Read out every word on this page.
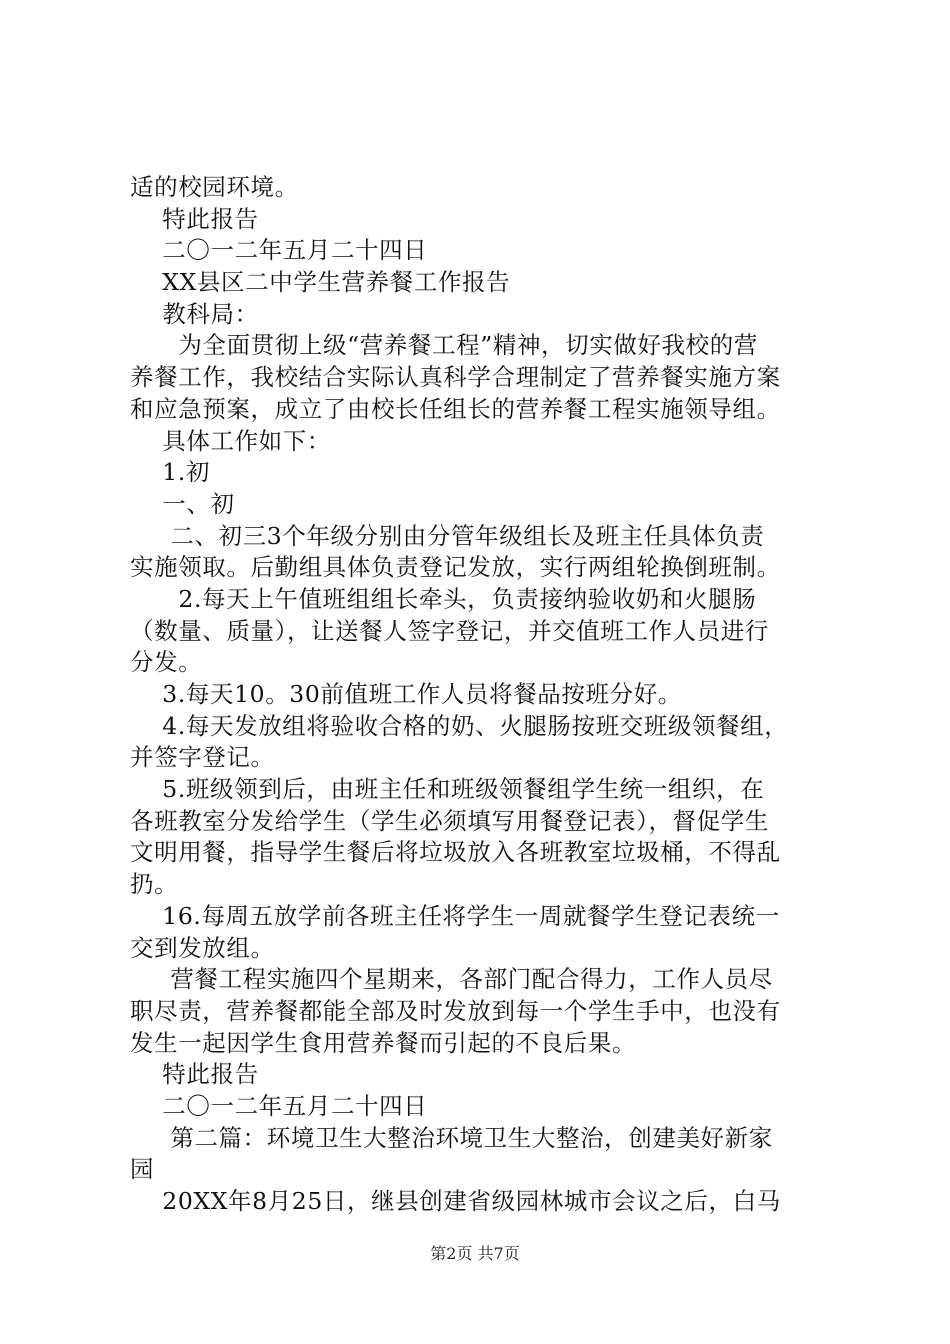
适的校园环境。
特此报告
二〇一二年五月二十四日
XX县区二中学生营养餐工作报告
教科局：
为全面贯彻上级“营养餐工程”精神，切实做好我校的营
养餐工作，我校结合实际认真科学合理制定了营养餐实施方案
和应急预案，成立了由校长任组长的营养餐工程实施领导组。
具体工作如下：
1.初
一、初
二、初三3个年级分别由分管年级组长及班主任具体负责
实施领取。后勤组具体负责登记发放，实行两组轮换倒班制。
2.每天上午值班组组长牵头，负责接纳验收奶和火腿肠
（数量、质量），让送餐人签字登记，并交值班工作人员进行
分发。
3.每天10。30前值班工作人员将餐品按班分好。
4.每天发放组将验收合格的奶、火腿肠按班交班级领餐组，
并签字登记。
5.班级领到后，由班主任和班级领餐组学生统一组织，在
各班教室分发给学生（学生必须填写用餐登记表），督促学生
文明用餐，指导学生餐后将垃圾放入各班教室垃圾桶，不得乱
扔。
16.每周五放学前各班主任将学生一周就餐学生登记表统一
交到发放组。
营餐工程实施四个星期来，各部门配合得力，工作人员尽
职尽责，营养餐都能全部及时发放到每一个学生手中，也没有
发生一起因学生食用营养餐而引起的不良后果。
特此报告
二〇一二年五月二十四日
第二篇：环境卫生大整治环境卫生大整治，创建美好新家
园
20XX年8月25日，继县创建省级园林城市会议之后，白马
第2页 共7页
